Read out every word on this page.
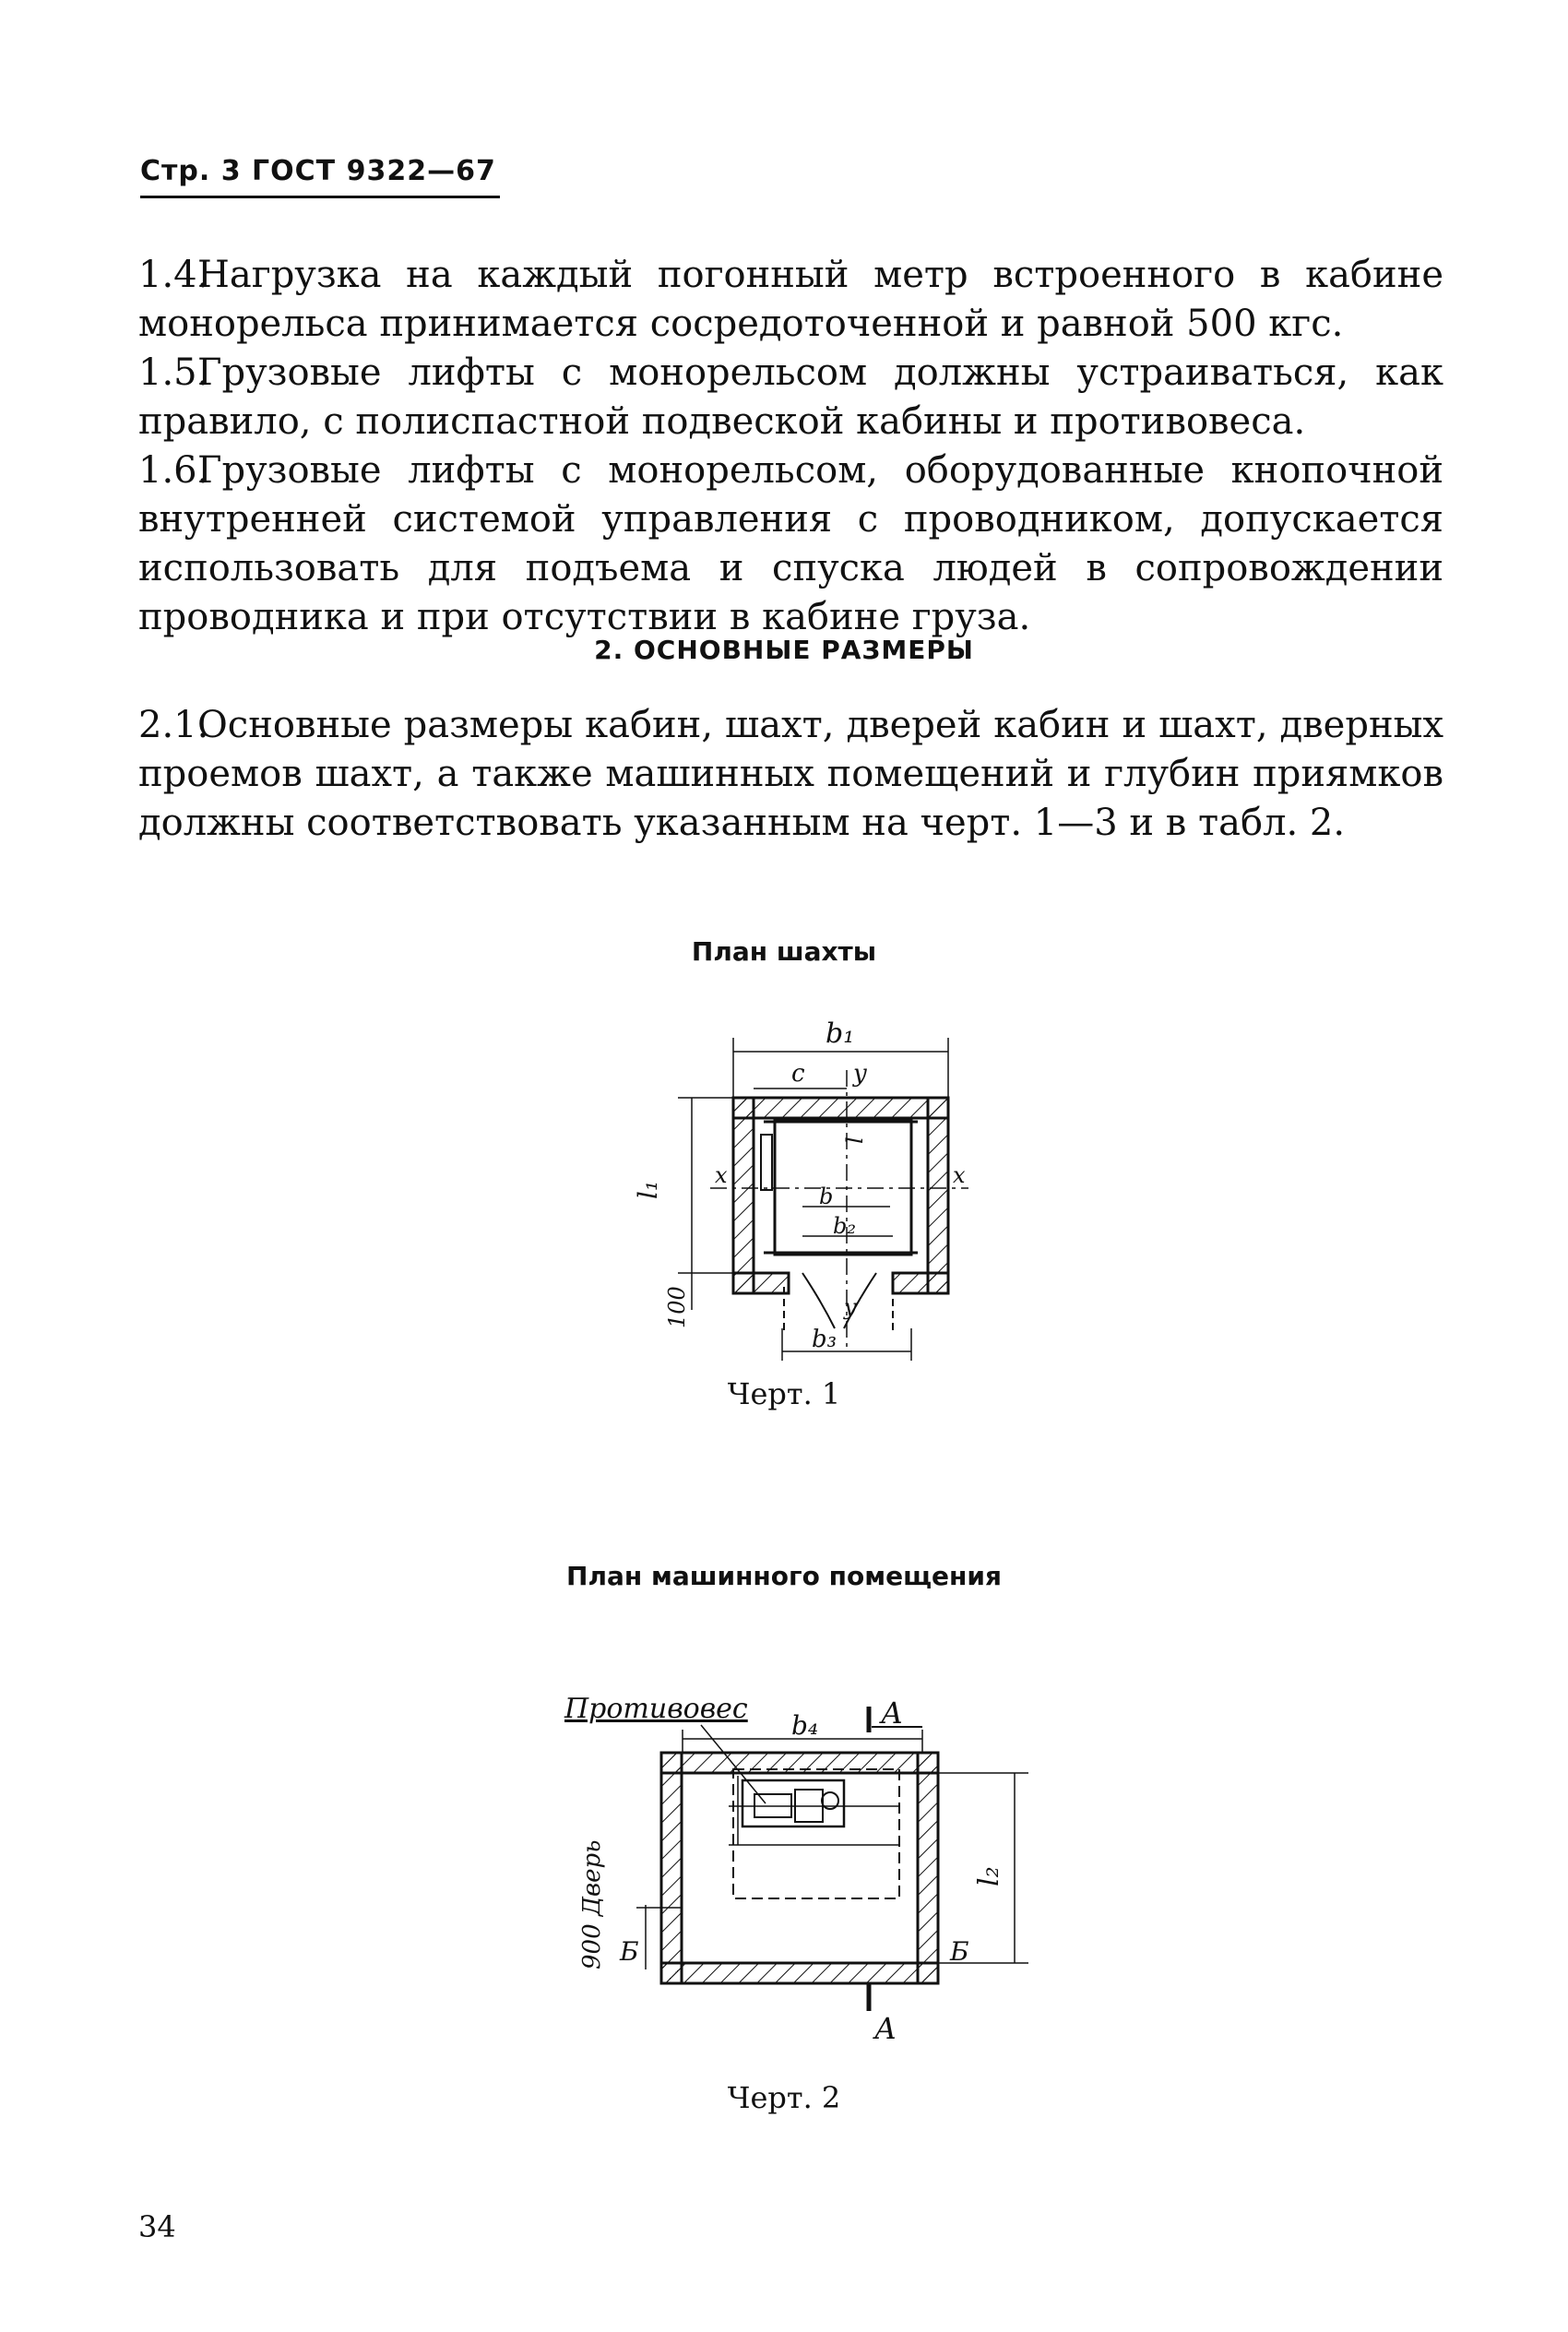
Стр. 3 ГОСТ 9322—67

1.4.Нагрузка на каждый погонный метр встроенного в кабине монорельса принимается сосредоточенной и равной 500 кгс.

1.5.Грузовые лифты с монорельсом должны устраиваться, как правило, с полиспастной подвеской кабины и противовеса.

1.6.Грузовые лифты с монорельсом, оборудованные кнопочной внутренней системой управления с проводником, допускается использовать для подъема и спуска людей в сопровождении проводника и при отсутствии в кабине груза.

2. ОСНОВНЫЕ РАЗМЕРЫ

2.1.Основные размеры кабин, шахт, дверей кабин и шахт, дверных проемов шахт, а также машинных помещений и глубин приямков должны соответствовать указанным на черт. 1—3 и в табл. 2.

План шахты
b₁
c y
l₁
100
x	x
l
b
b₂
y
b₃
Черт. 1
План машинного помещения
Противовес	А
b₄
l₂
900 Дверь Б	Б
А
Черт. 2
34
